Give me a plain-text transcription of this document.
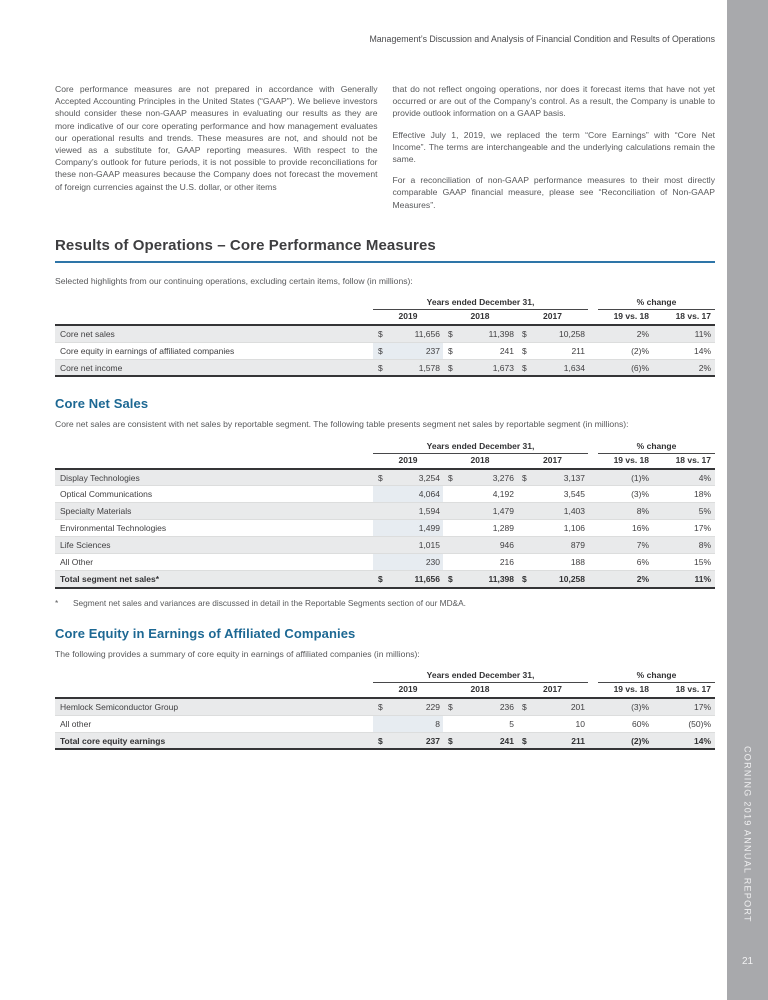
Management’s Discussion and Analysis of Financial Condition and Results of Operations

Core performance measures are not prepared in accordance with Generally Accepted Accounting Principles in the United States (“GAAP”). We believe investors should consider these non-GAAP measures in evaluating our results as they are more indicative of our core operating performance and how management evaluates our operational results and trends. These measures are not, and should not be viewed as a substitute for, GAAP reporting measures. With respect to the Company’s outlook for future periods, it is not possible to provide reconciliations for these non-GAAP measures because the Company does not forecast the movement of foreign currencies against the U.S. dollar, or other items

that do not reflect ongoing operations, nor does it forecast items that have not yet occurred or are out of the Company’s control. As a result, the Company is unable to provide outlook information on a GAAP basis.

Effective July 1, 2019, we replaced the term “Core Earnings” with “Core Net Income”. The terms are interchangeable and the underlying calculations remain the same.

For a reconciliation of non-GAAP performance measures to their most directly comparable GAAP financial measure, please see “Reconciliation of Non-GAAP Measures”.

Results of Operations – Core Performance Measures
Selected highlights from our continuing operations, excluding certain items, follow (in millions):
	Years ended December 31,							% change	
	2019		2018		2017			19 vs. 18	18 vs. 17
Core net sales	$	11,656	$	11,398	$	10,258		2%	11%
Core equity in earnings of affiliated companies	$	237	$	241	$	211		(2)%	14%
Core net income	$	1,578	$	1,673	$	1,634		(6)%	2%
Core Net Sales
Core net sales are consistent with net sales by reportable segment. The following table presents segment net sales by reportable segment (in millions):
	Years ended December 31,							% change	
	2019		2018		2017			19 vs. 18	18 vs. 17
Display Technologies	$	3,254	$	3,276	$	3,137		(1)%	4%
Optical Communications		4,064		4,192		3,545		(3)%	18%
Specialty Materials		1,594		1,479		1,403		8%	5%
Environmental Technologies		1,499		1,289		1,106		16%	17%
Life Sciences		1,015		946		879		7%	8%
All Other		230		216		188		6%	15%
Total segment net sales*	$	11,656	$	11,398	$	10,258		2%	11%
*	Segment net sales and variances are discussed in detail in the Reportable Segments section of our MD&A.
Core Equity in Earnings of Affiliated Companies
The following provides a summary of core equity in earnings of affiliated companies (in millions):
	Years ended December 31,							% change	
	2019		2018		2017			19 vs. 18	18 vs. 17
Hemlock Semiconductor Group	$	229	$	236	$	201		(3)%	17%
All other		8		5		10		60%	(50)%
Total core equity earnings	$	237	$	241	$	211		(2)%	14%
CORNING 2019 ANNUAL REPORT
21
